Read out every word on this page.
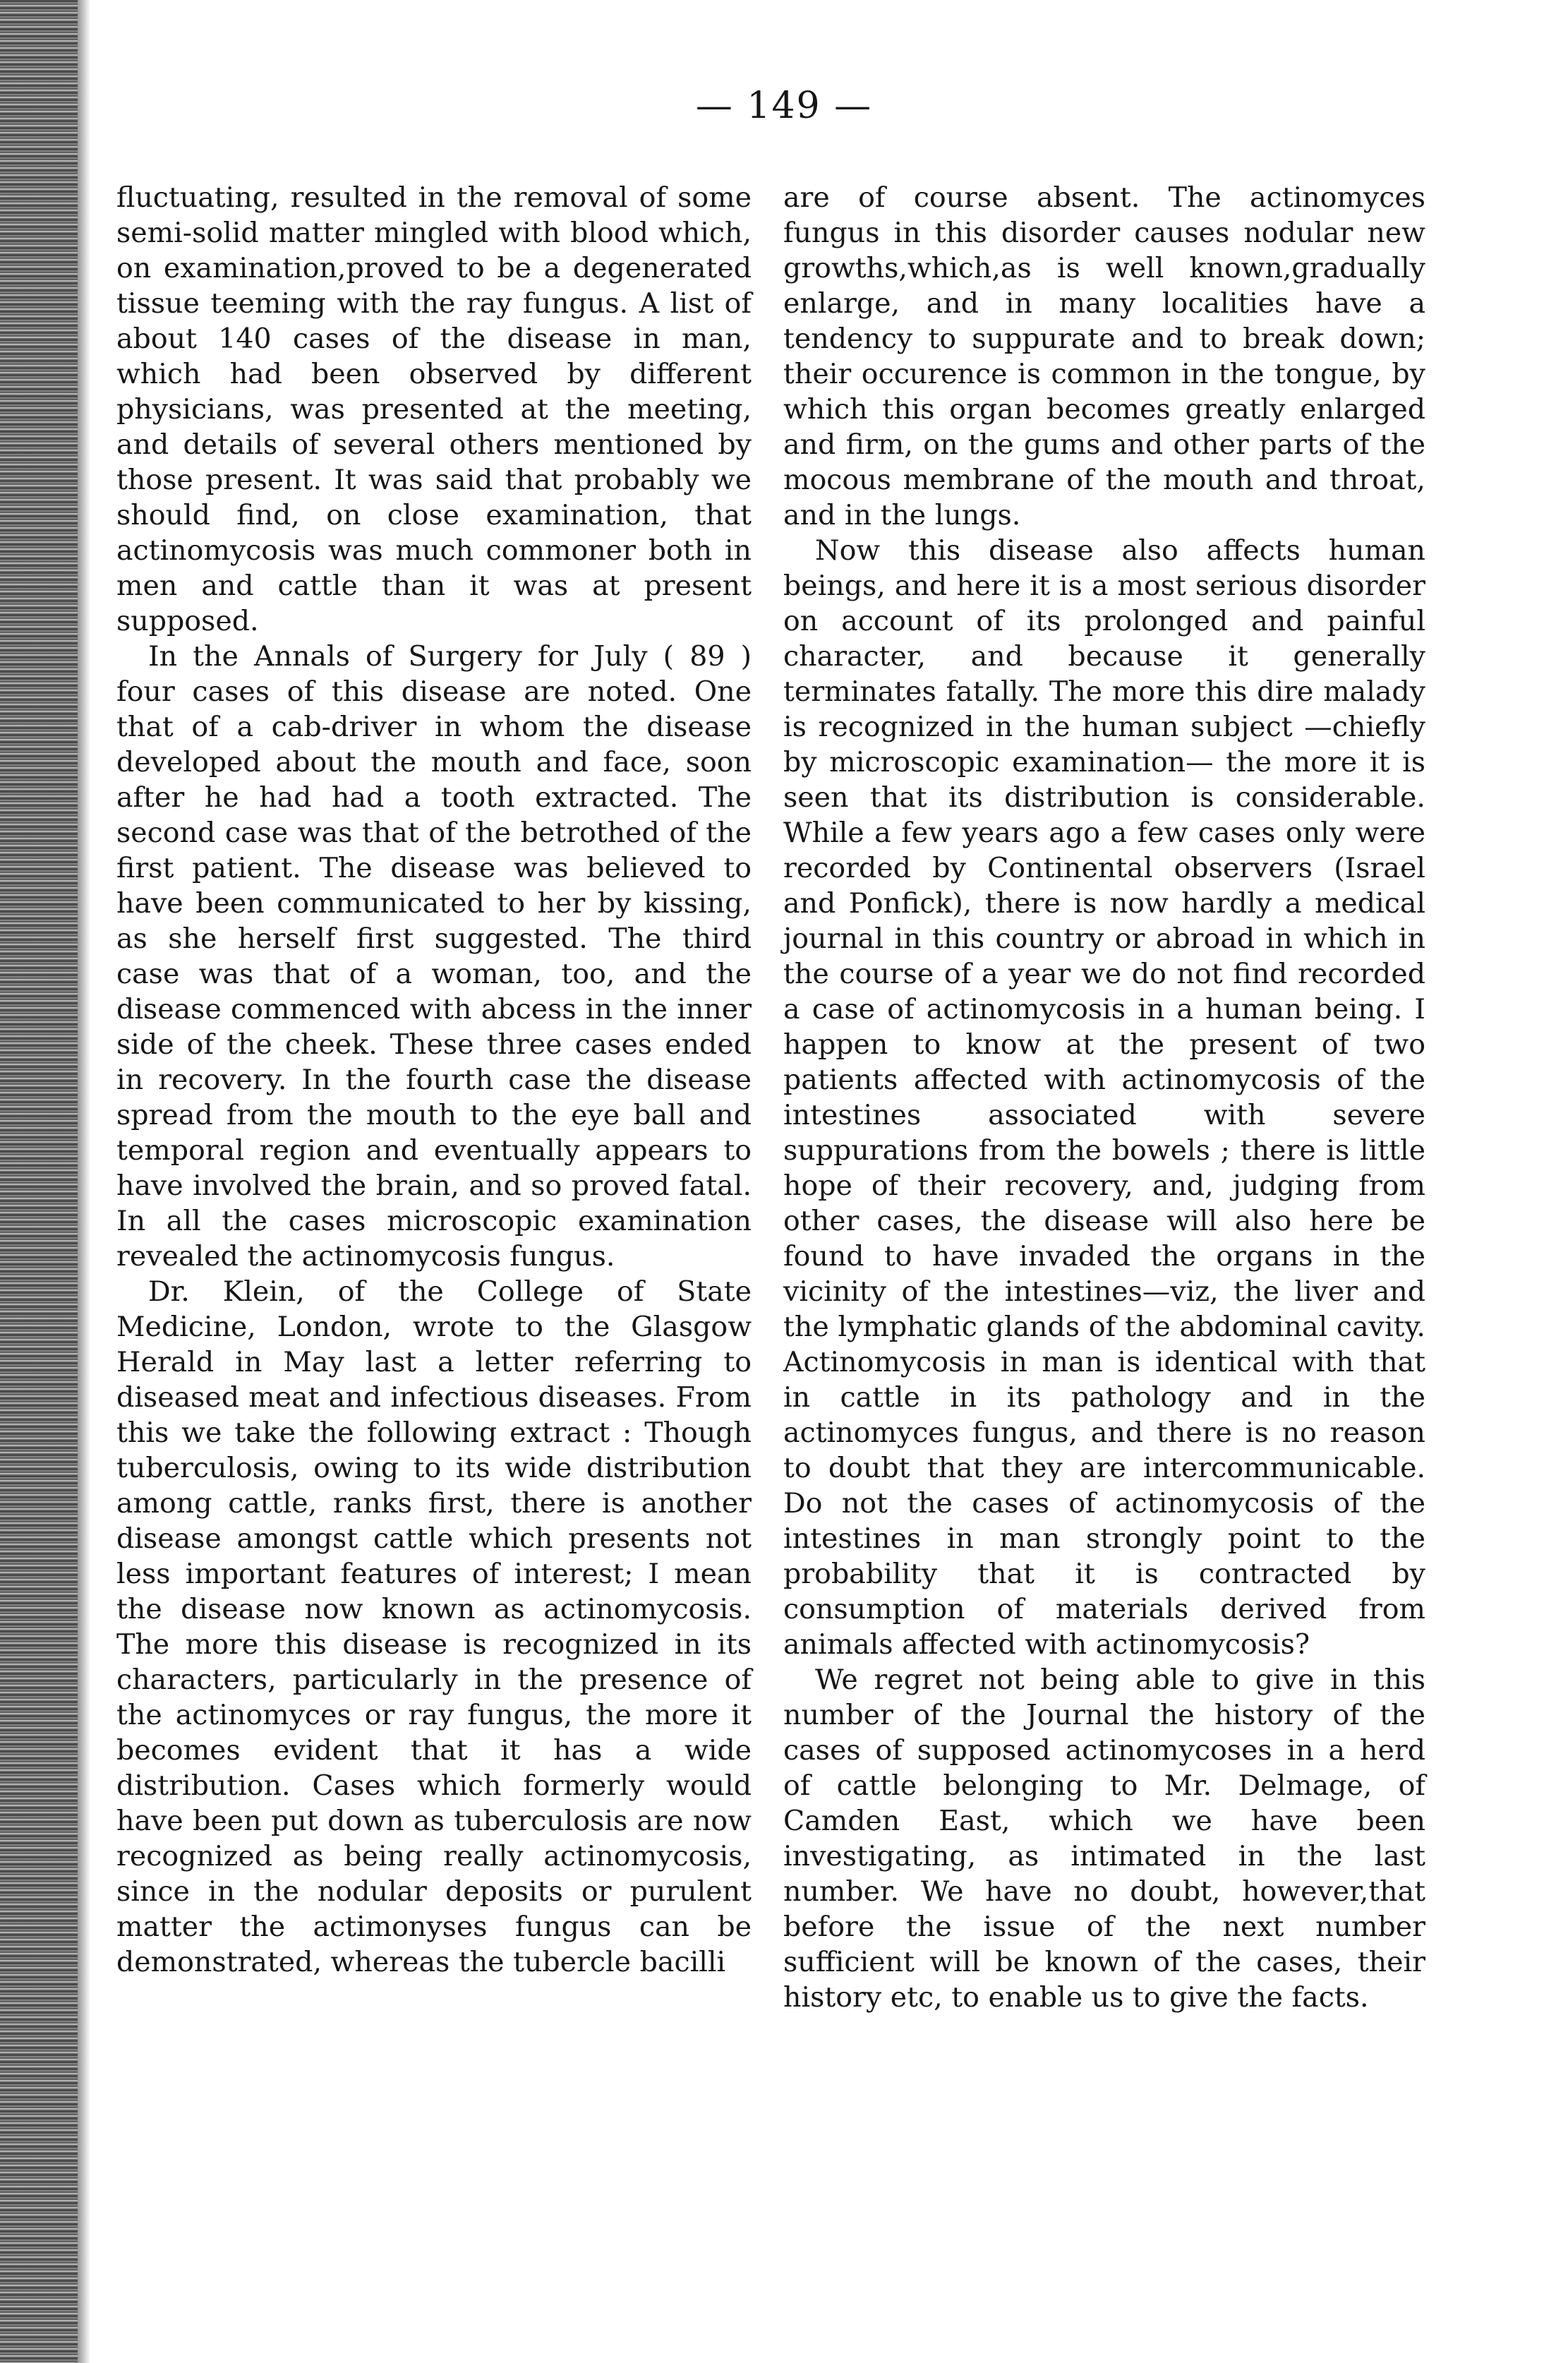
— 149 —

fluctuating, resulted in the removal of some semi-solid matter mingled with blood which, on examination,proved to be a degenerated tissue teeming with the ray fungus. A list of about 140 cases of the disease in man, which had been observed by different physicians, was presented at the meeting, and details of several others mentioned by those present. It was said that probably we should find, on close examination, that actinomycosis was much commoner both in men and cattle than it was at present supposed.

In the Annals of Surgery for July ( 89 ) four cases of this disease are noted. One that of a cab-driver in whom the disease developed about the mouth and face, soon after he had had a tooth extracted. The second case was that of the betrothed of the first patient. The disease was believed to have been communicated to her by kissing, as she herself first suggested. The third case was that of a woman, too, and the disease commenced with abcess in the inner side of the cheek. These three cases ended in recovery. In the fourth case the disease spread from the mouth to the eye ball and temporal region and eventually appears to have involved the brain, and so proved fatal. In all the cases microscopic examination revealed the actinomycosis fungus.

Dr. Klein, of the College of State Medicine, London, wrote to the Glasgow Herald in May last a letter referring to diseased meat and infectious diseases. From this we take the following extract : Though tuberculosis, owing to its wide distribution among cattle, ranks first, there is another disease amongst cattle which presents not less important features of interest; I mean the disease now known as actinomycosis. The more this disease is recognized in its characters, particularly in the presence of the actinomyces or ray fungus, the more it becomes evident that it has a wide distribution. Cases which formerly would have been put down as tuberculosis are now recognized as being really actinomycosis, since in the nodular deposits or purulent matter the actimonyses fungus can be demonstrated, whereas the tubercle bacilli

are of course absent. The actinomyces fungus in this disorder causes nodular new growths,which,as is well known,gradually enlarge, and in many localities have a tendency to suppurate and to break down; their occurence is common in the tongue, by which this organ becomes greatly enlarged and firm, on the gums and other parts of the mocous membrane of the mouth and throat, and in the lungs.

Now this disease also affects human beings, and here it is a most serious disorder on account of its prolonged and painful character, and because it generally terminates fatally. The more this dire malady is recognized in the human subject —chiefly by microscopic examination— the more it is seen that its distribution is considerable. While a few years ago a few cases only were recorded by Continental observers (Israel and Ponfick), there is now hardly a medical journal in this country or abroad in which in the course of a year we do not find recorded a case of actinomycosis in a human being. I happen to know at the present of two patients affected with actinomycosis of the intestines associated with severe suppurations from the bowels ; there is little hope of their recovery, and, judging from other cases, the disease will also here be found to have invaded the organs in the vicinity of the intestines—viz, the liver and the lymphatic glands of the abdominal cavity. Actinomycosis in man is identical with that in cattle in its pathology and in the actinomyces fungus, and there is no reason to doubt that they are intercommunicable. Do not the cases of actinomycosis of the intestines in man strongly point to the probability that it is contracted by consumption of materials derived from animals affected with actinomycosis?

We regret not being able to give in this number of the Journal the history of the cases of supposed actinomycoses in a herd of cattle belonging to Mr. Delmage, of Camden East, which we have been investigating, as intimated in the last number. We have no doubt, however,that before the issue of the next number sufficient will be known of the cases, their history etc, to enable us to give the facts.
